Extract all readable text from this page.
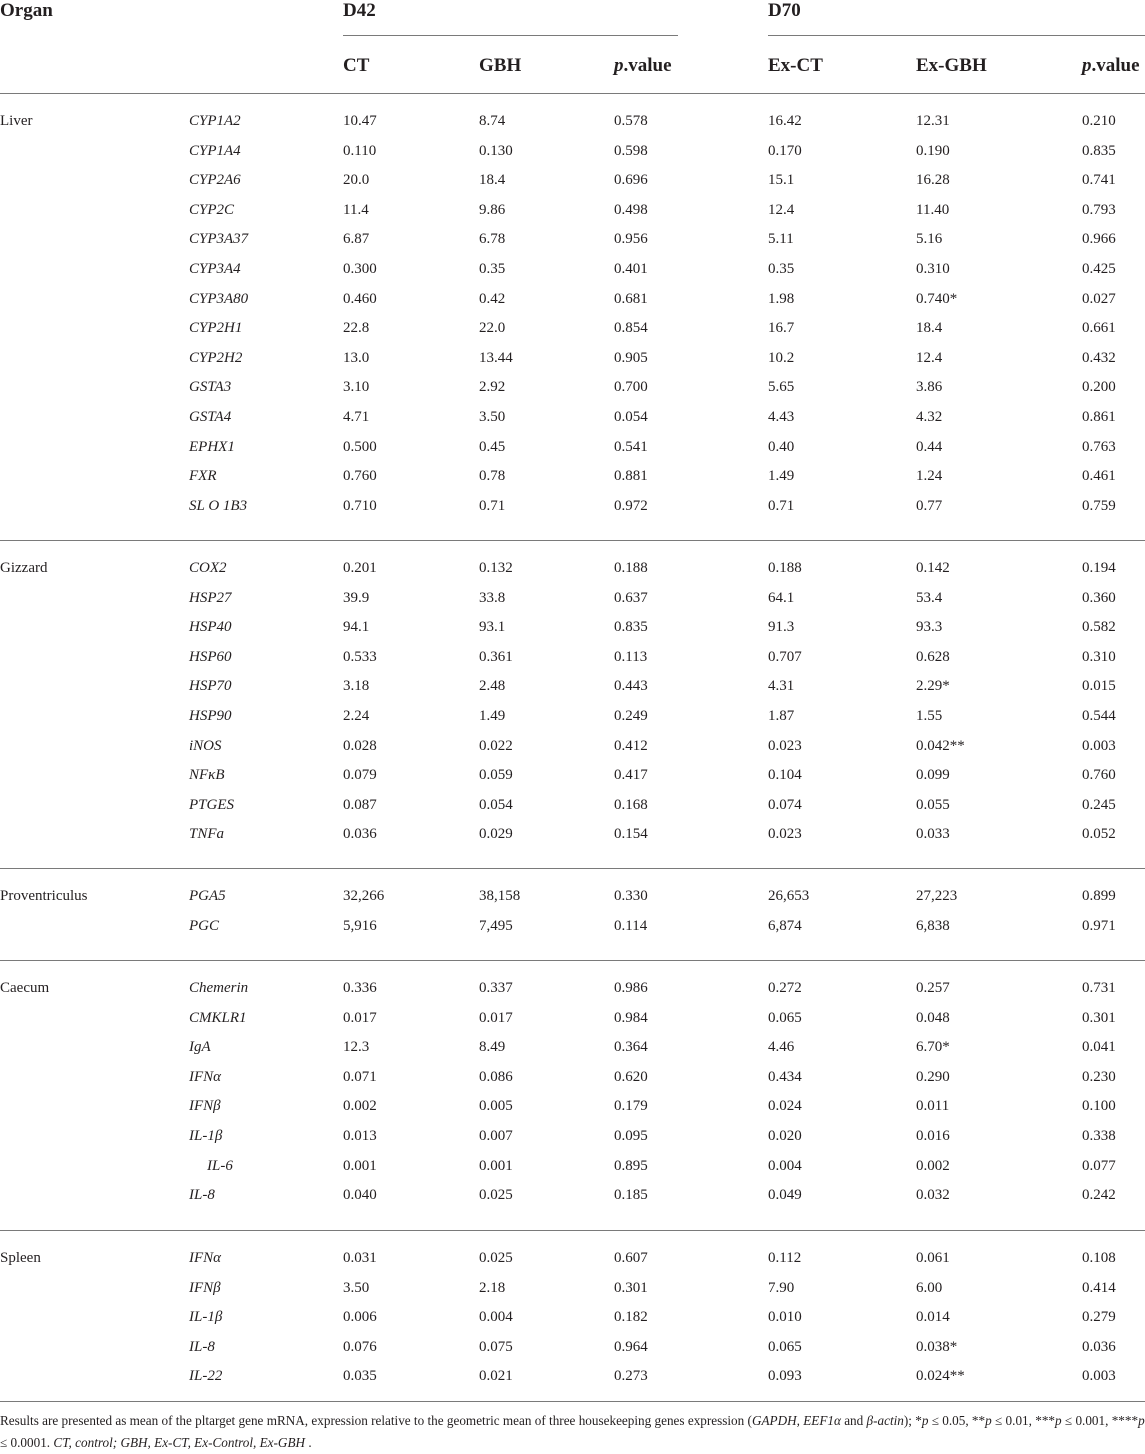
Organ	D42	D70
CT	GBH	p.value	Ex-CT	Ex-GBH	p.value
Liver	CYP1A2	10.47	8.74	0.578	16.42	12.31	0.210
CYP1A4	0.110	0.130	0.598	0.170	0.190	0.835
CYP2A6	20.0	18.4	0.696	15.1	16.28	0.741
CYP2C	11.4	9.86	0.498	12.4	11.40	0.793
CYP3A37	6.87	6.78	0.956	5.11	5.16	0.966
CYP3A4	0.300	0.35	0.401	0.35	0.310	0.425
CYP3A80	0.460	0.42	0.681	1.98	0.740*	0.027
CYP2H1	22.8	22.0	0.854	16.7	18.4	0.661
CYP2H2	13.0	13.44	0.905	10.2	12.4	0.432
GSTA3	3.10	2.92	0.700	5.65	3.86	0.200
GSTA4	4.71	3.50	0.054	4.43	4.32	0.861
EPHX1	0.500	0.45	0.541	0.40	0.44	0.763
FXR	0.760	0.78	0.881	1.49	1.24	0.461
SL O 1B3	0.710	0.71	0.972	0.71	0.77	0.759
Gizzard	COX2	0.201	0.132	0.188	0.188	0.142	0.194
HSP27	39.9	33.8	0.637	64.1	53.4	0.360
HSP40	94.1	93.1	0.835	91.3	93.3	0.582
HSP60	0.533	0.361	0.113	0.707	0.628	0.310
HSP70	3.18	2.48	0.443	4.31	2.29*	0.015
HSP90	2.24	1.49	0.249	1.87	1.55	0.544
iNOS	0.028	0.022	0.412	0.023	0.042**	0.003
NFκB	0.079	0.059	0.417	0.104	0.099	0.760
PTGES	0.087	0.054	0.168	0.074	0.055	0.245
TNFa	0.036	0.029	0.154	0.023	0.033	0.052
Proventriculus	PGA5	32,266	38,158	0.330	26,653	27,223	0.899
PGC	5,916	7,495	0.114	6,874	6,838	0.971
Caecum	Chemerin	0.336	0.337	0.986	0.272	0.257	0.731
CMKLR1	0.017	0.017	0.984	0.065	0.048	0.301
IgA	12.3	8.49	0.364	4.46	6.70*	0.041
IFNα	0.071	0.086	0.620	0.434	0.290	0.230
IFNβ	0.002	0.005	0.179	0.024	0.011	0.100
IL-1β	0.013	0.007	0.095	0.020	0.016	0.338
IL-6	0.001	0.001	0.895	0.004	0.002	0.077
IL-8	0.040	0.025	0.185	0.049	0.032	0.242
Spleen	IFNα	0.031	0.025	0.607	0.112	0.061	0.108
IFNβ	3.50	2.18	0.301	7.90	6.00	0.414
IL-1β	0.006	0.004	0.182	0.010	0.014	0.279
IL-8	0.076	0.075	0.964	0.065	0.038*	0.036
IL-22	0.035	0.021	0.273	0.093	0.024**	0.003
Results are presented as mean of the pltarget gene mRNA, expression relative to the geometric mean of three housekeeping genes expression (GAPDH, EEF1α and β-actin); *p ≤ 0.05, **p ≤ 0.01, ***p ≤ 0.001, ****p ≤ 0.0001. CT, control; GBH, Ex-CT, Ex-Control, Ex-GBH .
